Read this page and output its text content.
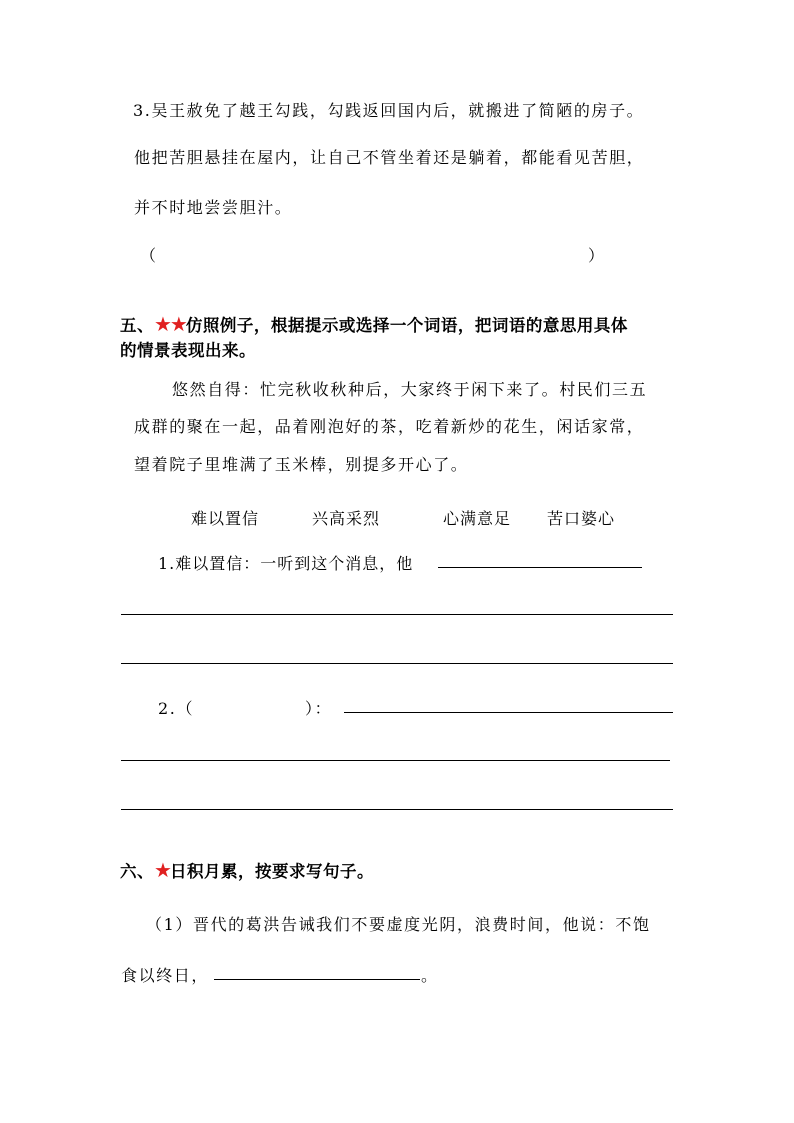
3.吴王赦免了越王勾践，勾践返回国内后，就搬进了简陋的房子。
他把苦胆悬挂在屋内，让自己不管坐着还是躺着，都能看见苦胆，
并不时地尝尝胆汁。
（	）
五、★★仿照例子，根据提示或选择一个词语，把词语的意思用具体
的情景表现出来。
悠然自得：忙完秋收秋种后，大家终于闲下来了。村民们三五
成群的聚在一起，品着刚泡好的茶，吃着新炒的花生，闲话家常，
望着院子里堆满了玉米棒，别提多开心了。
难以置信	兴高采烈	心满意足 苦口婆心
1.难以置信：一听到这个消息，他
2.（	）：
六、★日积月累，按要求写句子。
（1）晋代的葛洪告诫我们不要虚度光阴，浪费时间，他说：不饱
食以终日，	。
